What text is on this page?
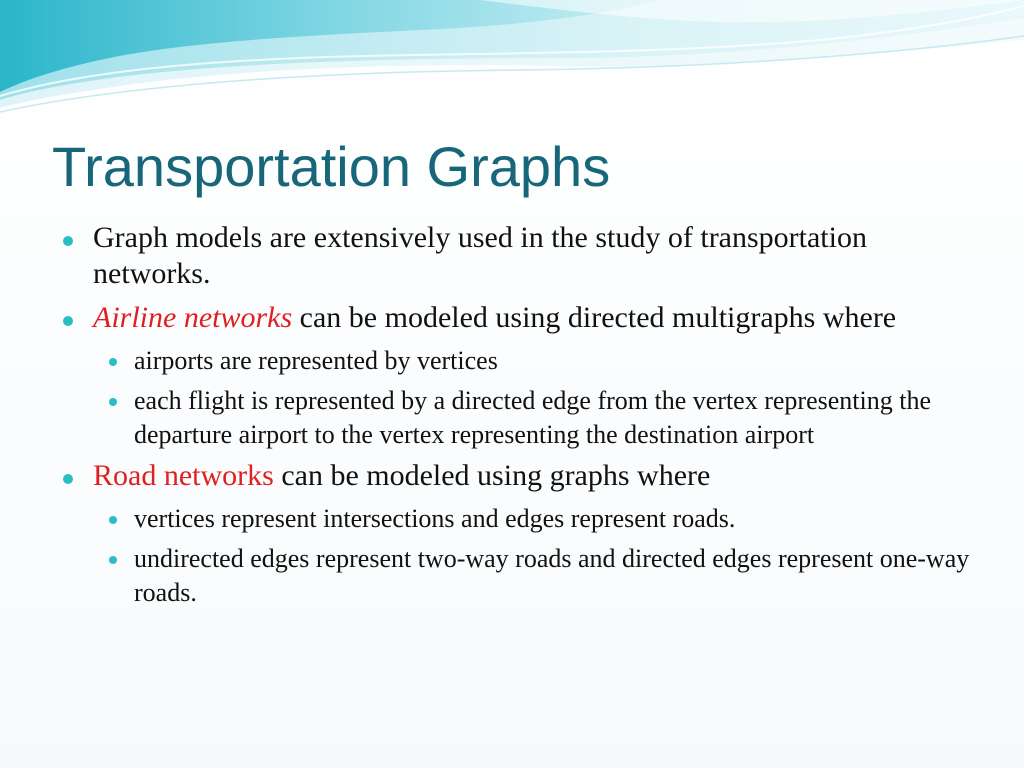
Transportation Graphs
Graph models are extensively used in the study of transportation networks.
Airline networks can be modeled using directed multigraphs where
airports are represented by vertices
each flight is represented by a directed edge from the vertex representing the departure airport to the vertex representing the destination airport
Road networks can be modeled using graphs where
vertices represent intersections and edges represent roads.
undirected edges represent two-way roads and directed edges represent one-way roads.
